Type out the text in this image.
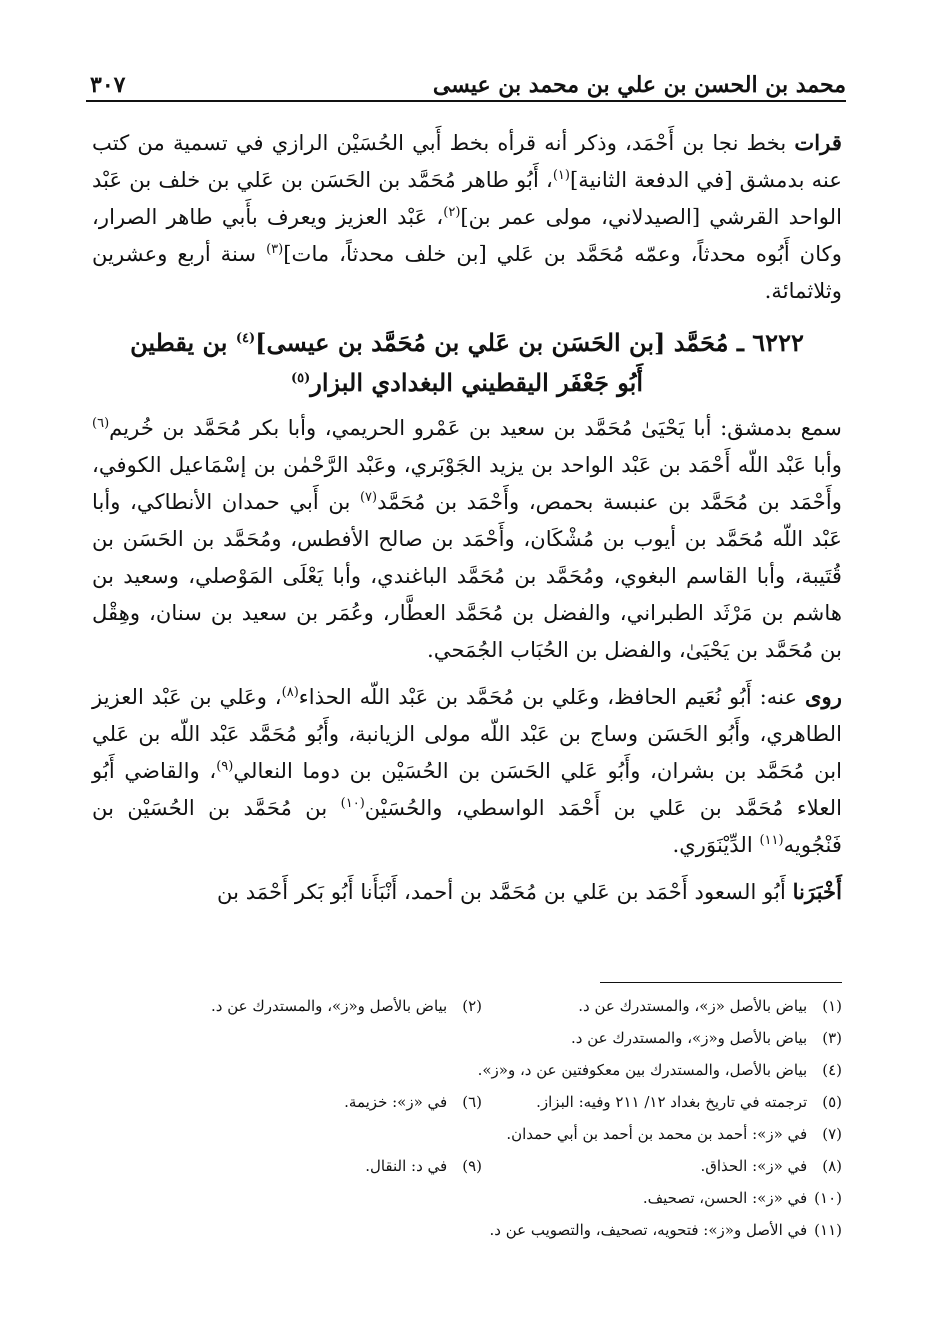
محمد بن الحسن بن علي بن محمد بن عيسى
٣٠٧

قرات بخط نجا بن أَحْمَد، وذكر أنه قرأه بخط أَبي الحُسَيْن الرازي في تسمية من كتب عنه بدمشق [في الدفعة الثانية]$^{(١)}$، أَبُو طاهر مُحَمَّد بن الحَسَن بن عَلي بن خلف بن عَبْد الواحد القرشي [الصيدلاني، مولى عمر بن]$^{(٢)}$، عَبْد العزيز ويعرف بأَبي طاهر الصرار، وكان أَبُوه محدثاً، وعمّه مُحَمَّد بن عَلي [بن خلف محدثاً، مات]$^{(٣)}$ سنة أربع وعشرين وثلاثمائة.

٦٢٢٢ ـ مُحَمَّد [بن الحَسَن بن عَلي بن مُحَمَّد بن عيسى]$^{(٤)}$ بن يقطين
أَبُو جَعْفَر اليقطيني البغدادي البزار$^{(٥)}$

سمع بدمشق: أبا يَحْيَىٰ مُحَمَّد بن سعيد بن عَمْرو الحريمي، وأبا بكر مُحَمَّد بن خُريم$^{(٦)}$ وأبا عَبْد اللّه أَحْمَد بن عَبْد الواحد بن يزيد الجَوْبَري، وعَبْد الرَّحْمٰن بن إسْمَاعيل الكوفي، وأَحْمَد بن مُحَمَّد بن عنبسة بحمص، وأَحْمَد بن مُحَمَّد$^{(٧)}$ بن أَبي حمدان الأنطاكي، وأبا عَبْد اللّه مُحَمَّد بن أيوب بن مُشْكَان، وأَحْمَد بن صالح الأفطس، ومُحَمَّد بن الحَسَن بن قُتَيبة، وأبا القاسم البغوي، ومُحَمَّد بن مُحَمَّد الباغندي، وأبا يَعْلَى المَوْصلي، وسعيد بن هاشم بن مَرْثَد الطبراني، والفضل بن مُحَمَّد العطَّار، وعُمَر بن سعيد بن سنان، وهِقْل بن مُحَمَّد بن يَحْيَىٰ، والفضل بن الحُبَاب الجُمَحي.

روى عنه: أَبُو نُعَيم الحافظ، وعَلي بن مُحَمَّد بن عَبْد اللّه الحذاء$^{(٨)}$، وعَلي بن عَبْد العزيز الطاهري، وأَبُو الحَسَن وساج بن عَبْد اللّه مولى الزيانبة، وأَبُو مُحَمَّد عَبْد اللّه بن عَلي ابن مُحَمَّد بن بشران، وأَبُو عَلي الحَسَن بن الحُسَيْن بن دوما النعالي$^{(٩)}$، والقاضي أَبُو العلاء مُحَمَّد بن عَلي بن أَحْمَد الواسطي، والحُسَيْن$^{(١٠)}$ بن مُحَمَّد بن الحُسَيْن بن فَنْجُويه$^{(١١)}$ الدِّيْنَوَري.

أَخْبَرَنا أَبُو السعود أَحْمَد بن عَلي بن مُحَمَّد بن أحمد، أَنْبَأَنا أَبُو بَكر أَحْمَد بن

(١) بياض بالأصل «ز»، والمستدرك عن د.
(٢) بياض بالأصل و«ز»، والمستدرك عن د.
(٣) بياض بالأصل و«ز»، والمستدرك عن د.
(٤) بياض بالأصل، والمستدرك بين معكوفتين عن د، و«ز».
(٥) ترجمته في تاريخ بغداد ١٢/ ٢١١ وفيه: البزاز.
(٦) في «ز»: خزيمة.
(٧) في «ز»: أحمد بن محمد بن أحمد بن أبي حمدان.
(٨) في «ز»: الحذاق.
(٩) في د: النقال.
(١٠) في «ز»: الحسن، تصحيف.
(١١) في الأصل و«ز»: فتحويه، تصحيف، والتصويب عن د.
